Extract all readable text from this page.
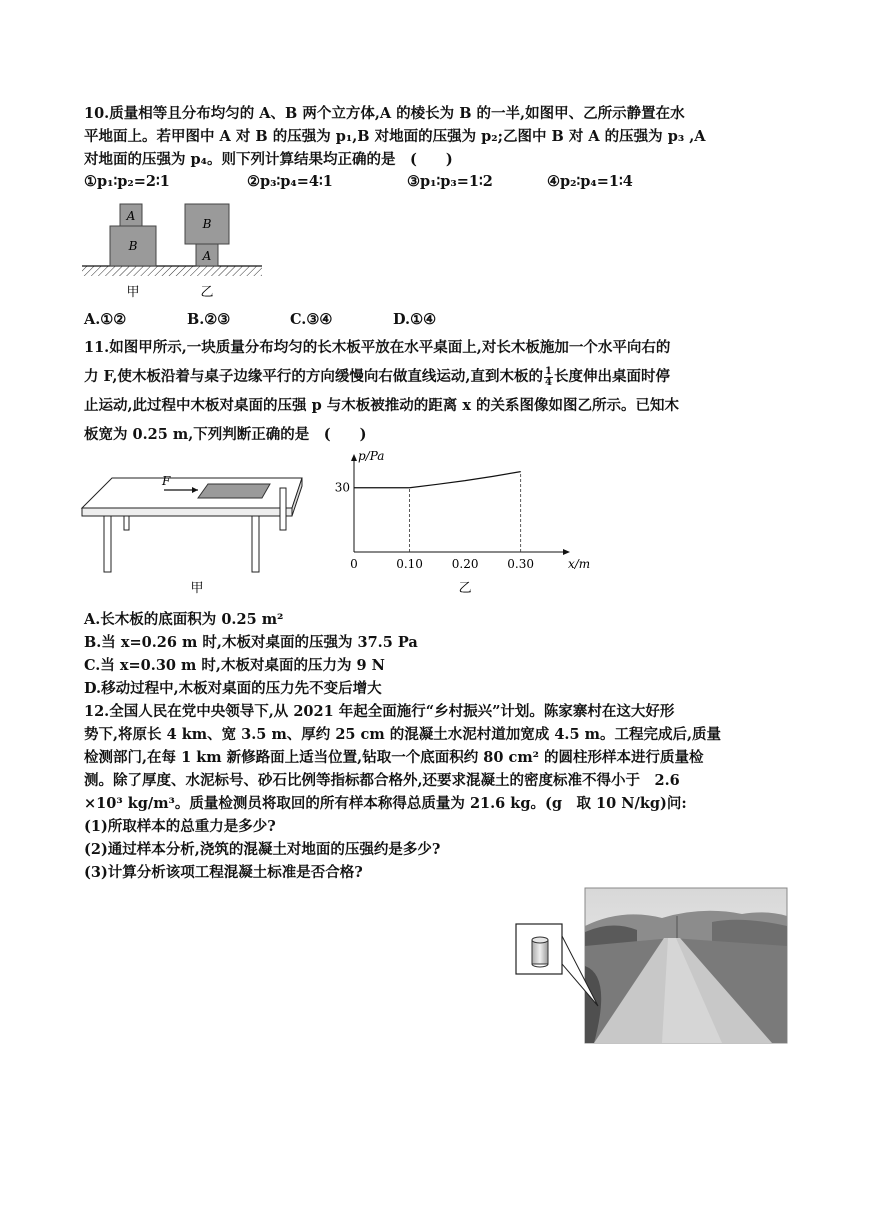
10.质量相等且分布均匀的 A、B 两个立方体,A 的棱长为 B 的一半,如图甲、乙所示静置在水
平地面上。若甲图中 A 对 B 的压强为 p₁,B 对地面的压强为 p₂;乙图中 B 对 A 的压强为 p₃ ,A
对地面的压强为 p₄。则下列计算结果均正确的是　(　　)
①p₁∶p₂=2∶1	②p₃∶p₄=4∶1	③p₁∶p₃=1∶2	④p₂∶p₄=1∶4
A
B
B
A
甲	乙
A.①②	B.②③	C.③④	D.①④
11.如图甲所示,一块质量分布均匀的长木板平放在水平桌面上,对长木板施加一个水平向右的
力 F,使木板沿着与桌子边缘平行的方向缓慢向右做直线运动,直到木板的 $\frac{1}{4}$ 长度伸出桌面时停
止运动,此过程中木板对桌面的压强 p 与木板被推动的距离 x 的关系图像如图乙所示。已知木
板宽为 0.25 m,下列判断正确的是　(　　)
F
甲
0.10 0.20 0.30
0
30
x/m
p/Pa
乙
A.长木板的底面积为 0.25 m²
B.当 x=0.26 m 时,木板对桌面的压强为 37.5 Pa
C.当 x=0.30 m 时,木板对桌面的压力为 9 N
D.移动过程中,木板对桌面的压力先不变后增大
12.全国人民在党中央领导下,从 2021 年起全面施行“乡村振兴”计划。陈家寨村在这大好形
势下,将原长 4 km、宽 3.5 m、厚约 25 cm 的混凝土水泥村道加宽成 4.5 m。工程完成后,质量
检测部门,在每 1 km 新修路面上适当位置,钻取一个底面积约 80 cm² 的圆柱形样本进行质量检
测。除了厚度、水泥标号、砂石比例等指标都合格外,还要求混凝土的密度标准不得小于　2.6
×10³ kg/m³。质量检测员将取回的所有样本称得总质量为 21.6 kg。(g　取 10 N/kg)问:
(1)所取样本的总重力是多少?
(2)通过样本分析,浇筑的混凝土对地面的压强约是多少?
(3)计算分析该项工程混凝土标准是否合格?
